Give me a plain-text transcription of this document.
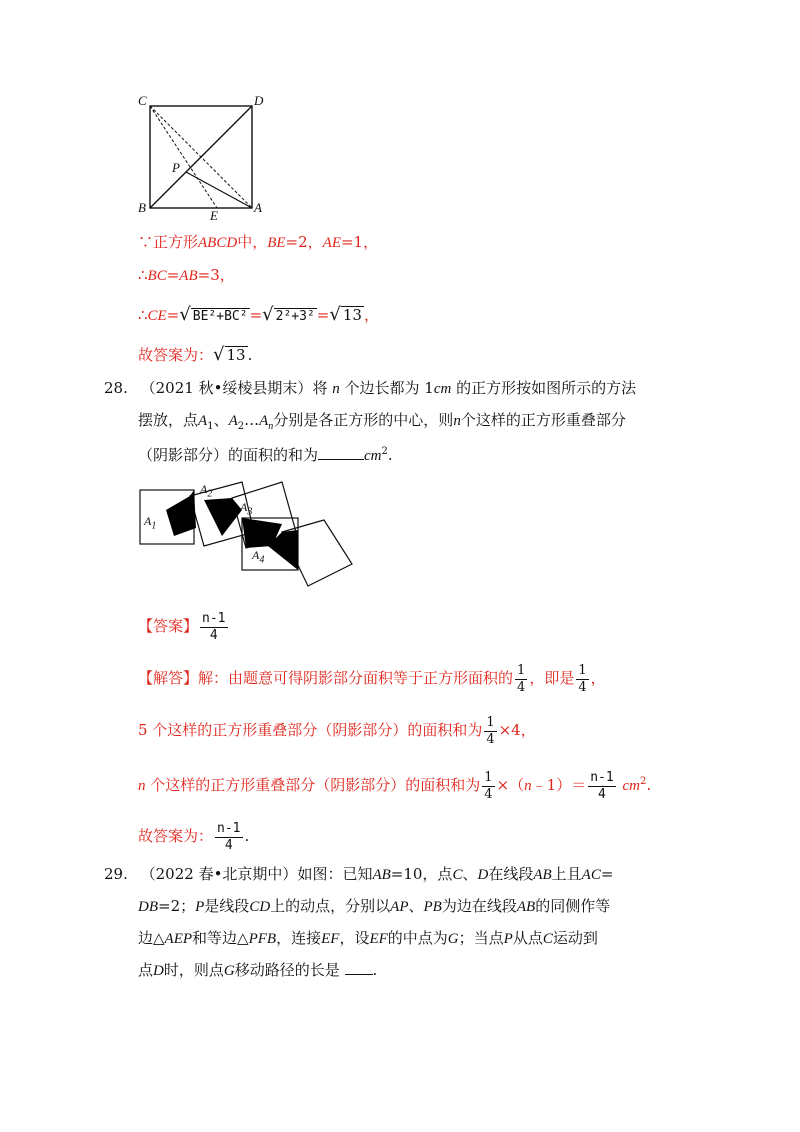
C	D
P
B
E
A
∵正方形ABCD中，BE=2，AE=1，
∴BC=AB=3，
∴CE=√ BE²+BC² =√ 2²+3² =√ 13 ，
故答案为：√ 13 .
28. （2021 秋•绥棱县期末）将 n 个边长都为 1cm 的正方形按如图所示的方法
摆放，点$A_1$、$A_2\dots A_n$分别是各正方形的中心，则n个这样的正方形重叠部分
（阴影部分）的面积的和为	$cm^2$.
$A_1$
$A_2$
$A_3$
$A_4$
【答案】 $\frac{n-1}{4}$
【解答】解：由题意可得阴影部分面积等于正方形面积的 $\frac{1}{4}$ ，即是 $\frac{1}{4}$ ，
5 个这样的正方形重叠部分（阴影部分）的面积和为 $\frac{1}{4} \times 4$，
n 个这样的正方形重叠部分（阴影部分）的面积和为 $\frac{1}{4}$ ×（n﹣1）＝ $\frac{n-1}{4} cm^2$.
故答案为： $\frac{n-1}{4}$ .
29. （2022 春•北京期中）如图：已知AB=10，点C、D在线段AB上且AC=
DB=2；P是线段CD上的动点，分别以AP、PB为边在线段AB的同侧作等
边△AEP和等边△PFB，连接EF，设EF的中点为G；当点P从点C运动到
点D时，则点G移动路径的长是 .
